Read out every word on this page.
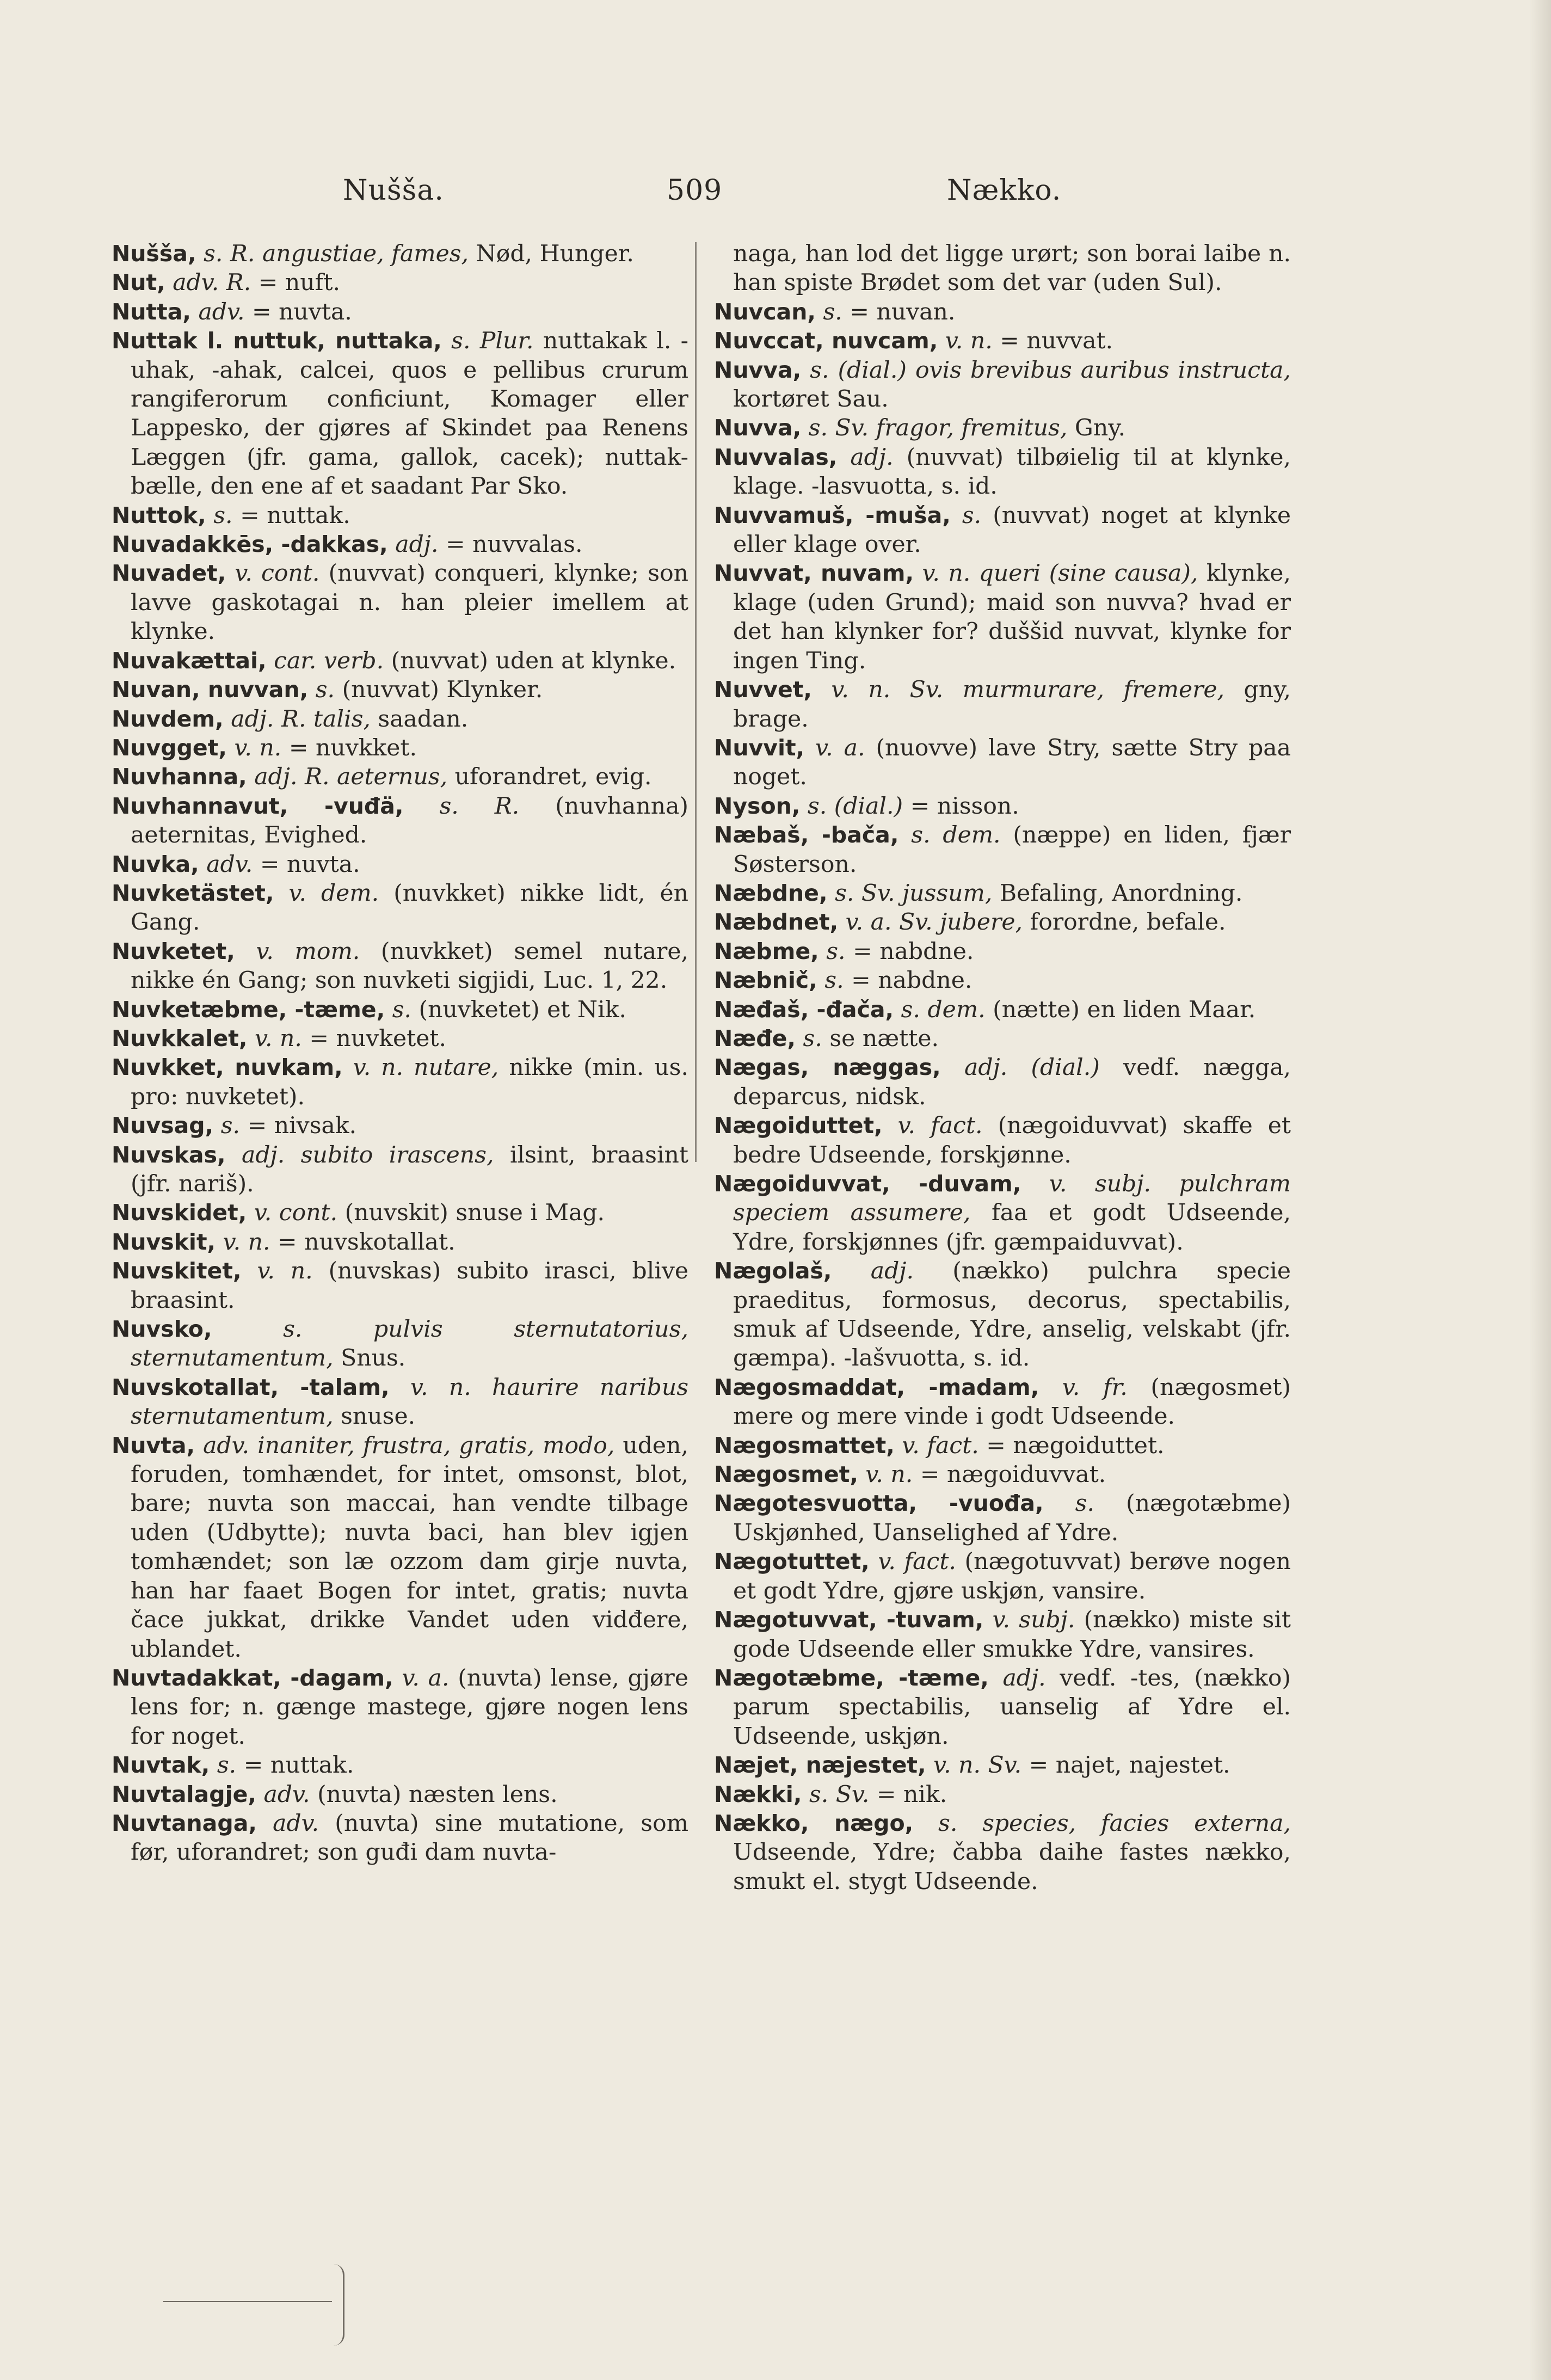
Nušša.	509	Nækko.

Nušša, s. R. angustiae, fames, Nød, Hunger.

Nut, adv. R. = nuft.

Nutta, adv. = nuvta.

Nuttak l. nuttuk, nuttaka, s. Plur. nuttakak l. -uhak, -ahak, calcei, quos e pellibus crurum rangiferorum conficiunt, Komager eller Lappesko, der gjøres af Skindet paa Renens Læggen (jfr. gama, gallok, cacek); nuttak-bælle, den ene af et saadant Par Sko.

Nuttok, s. = nuttak.

Nuvadakkēs, -dakkas, adj. = nuvvalas.

Nuvadet, v. cont. (nuvvat) conqueri, klynke; son lavve gaskotagai n. han pleier imellem at klynke.

Nuvakættai, car. verb. (nuvvat) uden at klynke.

Nuvan, nuvvan, s. (nuvvat) Klynker.

Nuvdem, adj. R. talis, saadan.

Nuvgget, v. n. = nuvkket.

Nuvhanna, adj. R. aeternus, uforandret, evig.

Nuvhannavut, -vuđä, s. R. (nuvhanna) aeternitas, Evighed.

Nuvka, adv. = nuvta.

Nuvketästet, v. dem. (nuvkket) nikke lidt, én Gang.

Nuvketet, v. mom. (nuvkket) semel nutare, nikke én Gang; son nuvketi sigjidi, Luc. 1, 22.

Nuvketæbme, -tæme, s. (nuvketet) et Nik.

Nuvkkalet, v. n. = nuvketet.

Nuvkket, nuvkam, v. n. nutare, nikke (min. us. pro: nuvketet).

Nuvsag, s. = nivsak.

Nuvskas, adj. subito irascens, ilsint, braasint (jfr. nariš).

Nuvskidet, v. cont. (nuvskit) snuse i Mag.

Nuvskit, v. n. = nuvskotallat.

Nuvskitet, v. n. (nuvskas) subito irasci, blive braasint.

Nuvsko,	s.	pulvis sternutatorius, sternutamentum, Snus.

Nuvskotallat, -talam, v. n. haurire naribus sternutamentum, snuse.

Nuvta, adv. inaniter, frustra, gratis, modo, uden, foruden, tomhændet, for intet, omsonst, blot, bare; nuvta son maccai, han vendte tilbage uden (Udbytte); nuvta baci, han blev igjen tomhændet; son læ ozzom dam girje nuvta, han har faaet Bogen for intet, gratis; nuvta čace jukkat, drikke Vandet uden vidđere, ublandet.

Nuvtadakkat, -dagam, v. a. (nuvta) lense, gjøre lens for; n. gænge mastege, gjøre nogen lens for noget.

Nuvtak, s. = nuttak.

Nuvtalagje, adv. (nuvta) næsten lens.

Nuvtanaga, adv. (nuvta) sine mutatione, som før, uforandret; son guđi dam nuvta-

naga, han lod det ligge urørt; son borai laibe n. han spiste Brødet som det var (uden Sul).

Nuvcan, s. = nuvan.

Nuvccat, nuvcam, v. n. = nuvvat.

Nuvva, s. (dial.) ovis brevibus auribus instructa, kortøret Sau.

Nuvva, s. Sv. fragor, fremitus, Gny.

Nuvvalas, adj. (nuvvat) tilbøielig til at klynke, klage. -lasvuotta, s. id.

Nuvvamuš, -muša, s. (nuvvat) noget at klynke eller klage over.

Nuvvat, nuvam, v. n. queri (sine causa), klynke, klage (uden Grund); maid son nuvva? hvad er det han klynker for? duššid nuvvat, klynke for ingen Ting.

Nuvvet, v. n. Sv. murmurare, fremere, gny, brage.

Nuvvit, v. a. (nuovve) lave Stry, sætte Stry paa noget.

Nyson, s. (dial.) = nisson.

Næbaš, -bača, s. dem. (næppe) en liden, fjær Søsterson.

Næbdne, s. Sv. jussum, Befaling, Anordning.

Næbdnet, v. a. Sv. jubere, forordne, befale.

Næbme, s. = nabdne.

Næbnič, s. = nabdne.

Næđaš, -đača, s. dem. (nætte) en liden Maar.

Næđe, s. se nætte.

Nægas, næggas, adj. (dial.) vedf. nægga, deparcus, nidsk.

Nægoiduttet, v. fact. (nægoiduvvat) skaffe et bedre Udseende, forskjønne.

Nægoiduvvat, -duvam, v. subj. pulchram speciem assumere, faa et godt Udseende, Ydre, forskjønnes (jfr. gæmpaiduvvat).

Nægolaš, adj. (nækko) pulchra specie praeditus, formosus, decorus, spectabilis, smuk af Udseende, Ydre, anselig, velskabt (jfr. gæmpa). -lašvuotta, s. id.

Nægosmaddat, -madam, v. fr. (nægosmet) mere og mere vinde i godt Udseende.

Nægosmattet, v. fact. = nægoiduttet.

Nægosmet, v. n. = nægoiduvvat.

Nægotesvuotta, -vuođa, s. (nægotæbme) Uskjønhed, Uanselighed af Ydre.

Nægotuttet, v. fact. (nægotuvvat) berøve nogen et godt Ydre, gjøre uskjøn, vansire.

Nægotuvvat, -tuvam, v. subj. (nækko) miste sit gode Udseende eller smukke Ydre, vansires.

Nægotæbme, -tæme, adj. vedf. -tes, (nækko) parum spectabilis, uanselig af Ydre el. Udseende, uskjøn.

Næjet, næjestet, v. n. Sv. = najet, najestet.

Nækki, s. Sv. = nik.

Nækko, nægo, s. species, facies externa, Udseende, Ydre; čabba daihe fastes nækko, smukt el. stygt Udseende.
